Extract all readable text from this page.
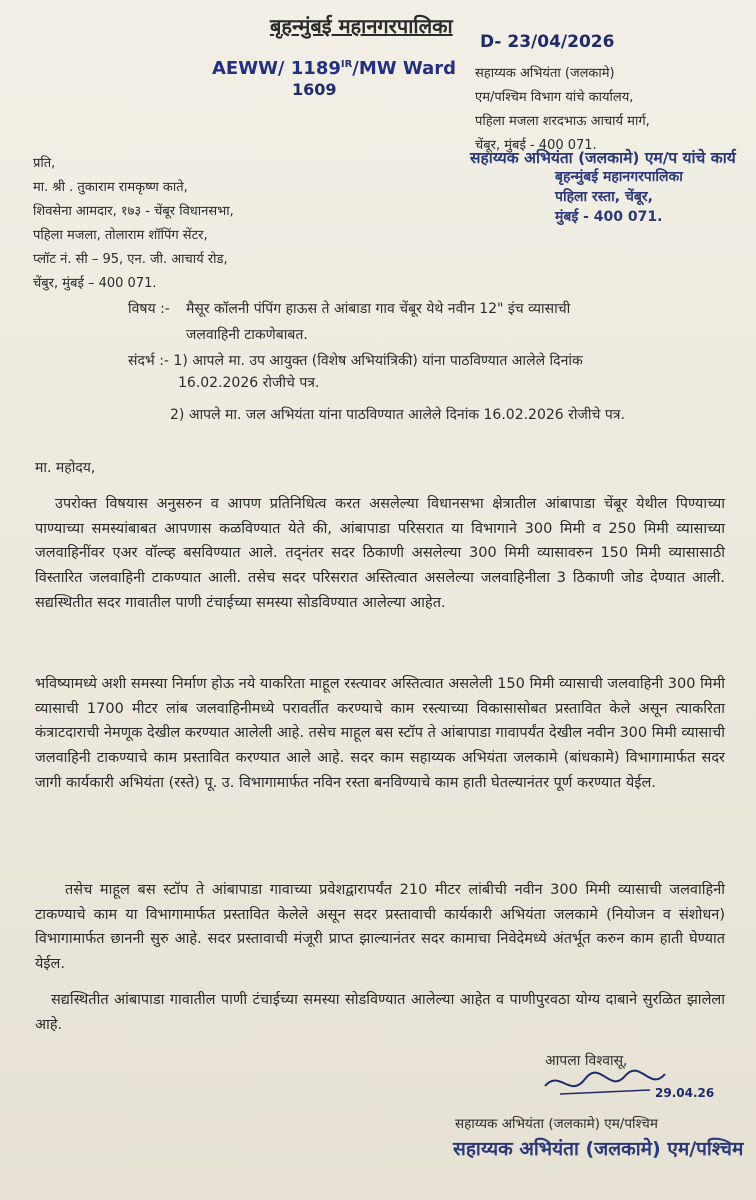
बृहन्मुंबई महानगरपालिका
AEWW/ $1189^{IR}/MW$ Ward
1609
D- 23/04/2026
सहाय्यक अभियंता (जलकामे)
एम/पश्चिम विभाग यांचे कार्यालय,
पहिला मजला शरदभाऊ आचार्य मार्ग,
चेंबूर, मुंबई - 400 071.
सहाय्यक अभियंता (जलकामे) एम/प यांचे कार्य
बृहन्मुंबई महानगरपालिका
पहिला रस्ता, चेंबूर,
मुंबई - 400 071.
प्रति,
मा. श्री . तुकाराम रामकृष्ण काते,
शिवसेना आमदार, १७३ - चेंबूर विधानसभा,
पहिला मजला, तोलाराम शॉपिंग सेंटर,
प्लॉट नं. सी – 95, एन. जी. आचार्य रोड,
चेंबुर, मुंबई – 400 071.
विषय :- मैसूर कॉलनी पंपिंग हाऊस ते आंबाडा गाव चेंबूर येथे नवीन 12" इंच व्यासाची
जलवाहिनी टाकणेबाबत.
संदर्भ :- 1) आपले मा. उप आयुक्त (विशेष अभियांत्रिकी) यांना पाठविण्यात आलेले दिनांक
16.02.2026 रोजीचे पत्र.
2) आपले मा. जल अभियंता यांना पाठविण्यात आलेले दिनांक 16.02.2026 रोजीचे पत्र.
मा. महोदय,
उपरोक्त विषयास अनुसरुन व आपण प्रतिनिधित्व करत असलेल्या विधानसभा क्षेत्रातील आंबापाडा चेंबूर येथील पिण्याच्या पाण्याच्या समस्यांबाबत आपणास कळविण्यात येते की, आंबापाडा परिसरात या विभागाने 300 मिमी व 250 मिमी व्यासाच्या जलवाहिनींवर एअर वॉल्व्ह बसविण्यात आले. तद्नंतर सदर ठिकाणी असलेल्या 300 मिमी व्यासावरुन 150 मिमी व्यासासाठी विस्तारित जलवाहिनी टाकण्यात आली. तसेच सदर परिसरात अस्तित्वात असलेल्या जलवाहिनीला 3 ठिकाणी जोड देण्यात आली. सद्यस्थितीत सदर गावातील पाणी टंचाईच्या समस्या सोडविण्यात आलेल्या आहेत.
भविष्यामध्ये अशी समस्या निर्माण होऊ नये याकरिता माहूल रस्त्यावर अस्तित्वात असलेली 150 मिमी व्यासाची जलवाहिनी 300 मिमी व्यासाची 1700 मीटर लांब जलवाहिनीमध्ये परावर्तीत करण्याचे काम रस्त्याच्या विकासासोबत प्रस्तावित केले असून त्याकरिता कंत्राटदाराची नेमणूक देखील करण्यात आलेली आहे. तसेच माहूल बस स्टॉप ते आंबापाडा गावापर्यंत देखील नवीन 300 मिमी व्यासाची जलवाहिनी टाकण्याचे काम प्रस्तावित करण्यात आले आहे. सदर काम सहाय्यक अभियंता जलकामे (बांधकामे) विभागामार्फत सदर जागी कार्यकारी अभियंता (रस्ते) पू. उ. विभागामार्फत नविन रस्ता बनविण्याचे काम हाती घेतल्यानंतर पूर्ण करण्यात येईल.
तसेच माहूल बस स्टॉप ते आंबापाडा गावाच्या प्रवेशद्वारापर्यंत 210 मीटर लांबीची नवीन 300 मिमी व्यासाची जलवाहिनी टाकण्याचे काम या विभागामार्फत प्रस्तावित केलेले असून सदर प्रस्तावाची कार्यकारी अभियंता जलकामे (नियोजन व संशोधन) विभागामार्फत छाननी सुरु आहे. सदर प्रस्तावाची मंजूरी प्राप्त झाल्यानंतर सदर कामाचा निवेदेमध्ये अंतर्भूत करुन काम हाती घेण्यात येईल.
सद्यस्थितीत आंबापाडा गावातील पाणी टंचाईच्या समस्या सोडविण्यात आलेल्या आहेत व पाणीपुरवठा योग्य दाबाने सुरळित झालेला आहे.
आपला विश्वासू,
29.04.26
सहाय्यक अभियंता (जलकामे) एम/पश्चिम
सहाय्यक अभियंता (जलकामे) एम/पश्चिम
